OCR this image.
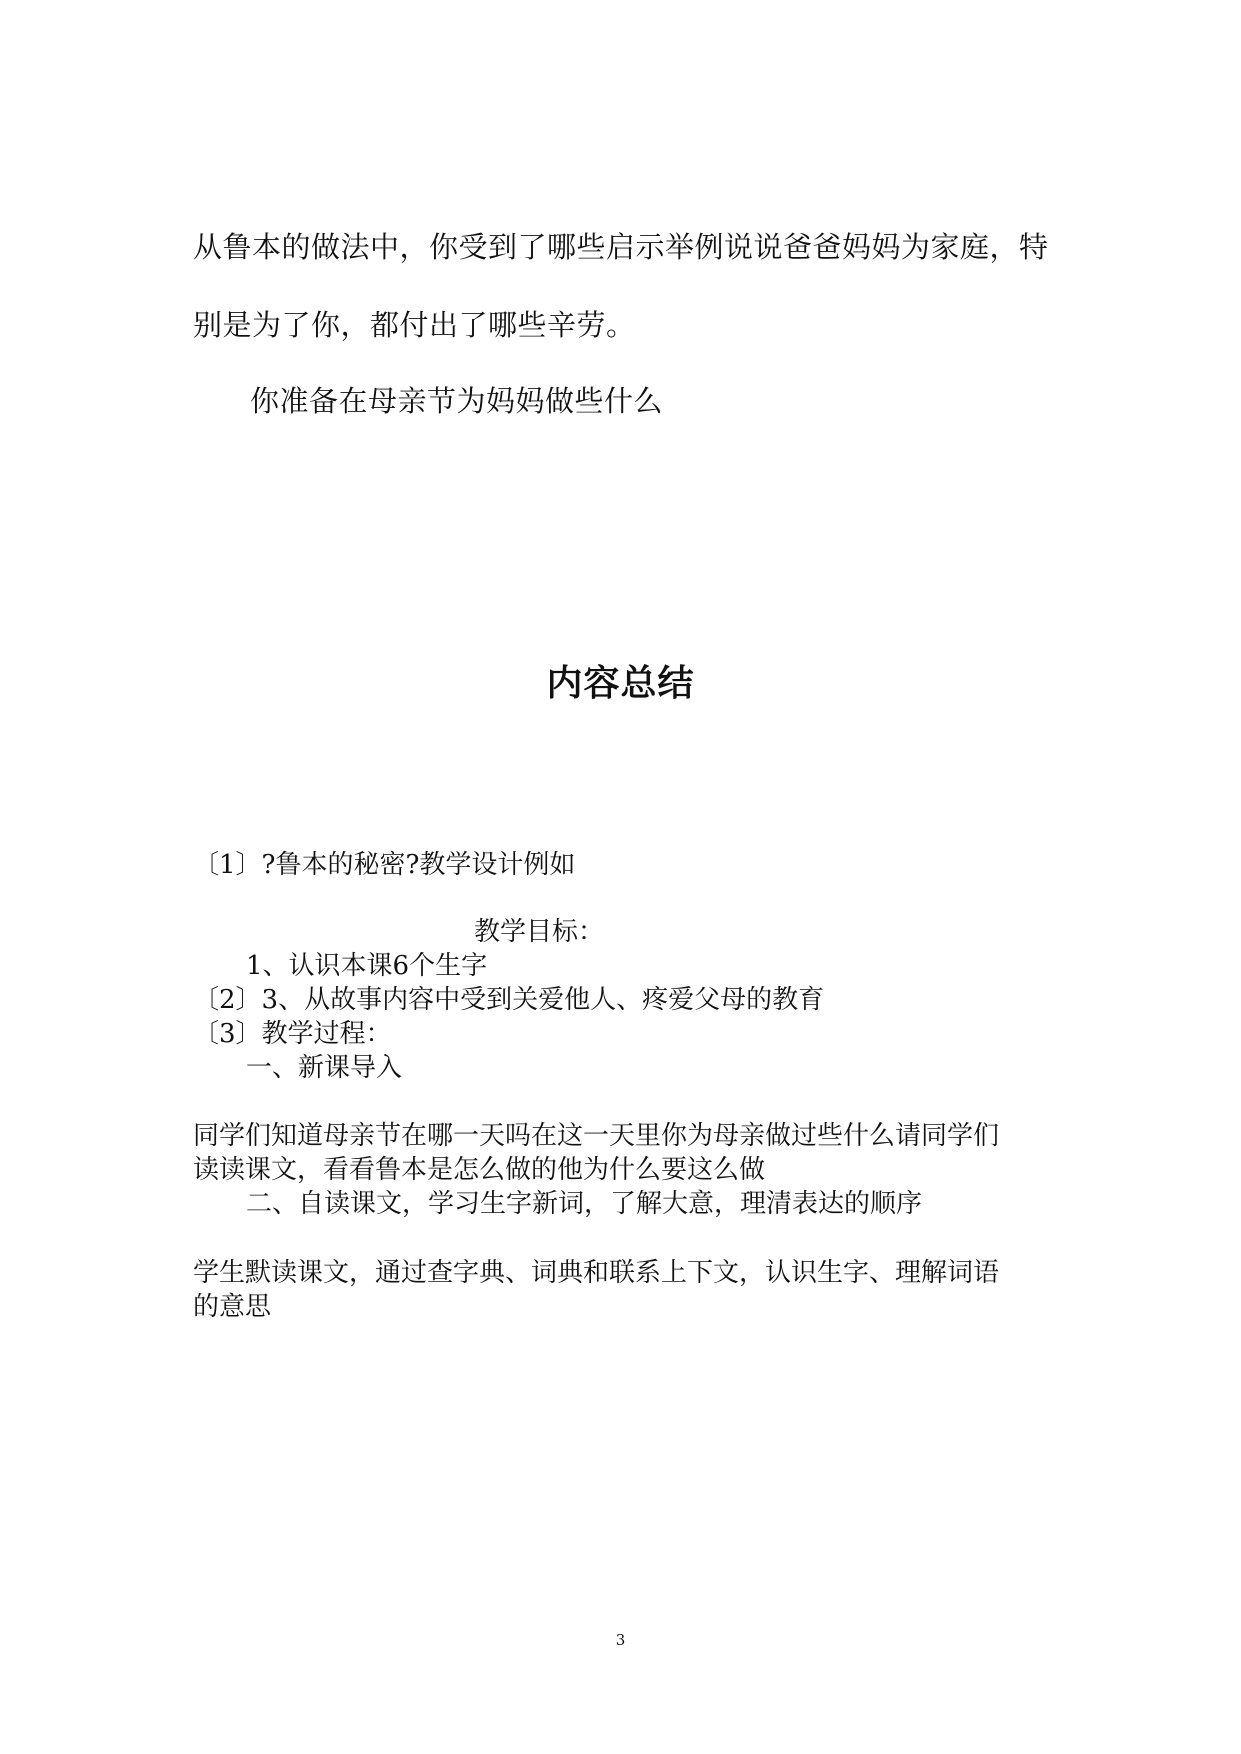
从鲁本的做法中，你受到了哪些启示举例说说爸爸妈妈为家庭，特
别是为了你，都付出了哪些辛劳。
你准备在母亲节为妈妈做些什么
内容总结
〔1〕?鲁本的秘密?教学设计例如
教学目标：
1、认识本课6个生字
〔2〕3、从故事内容中受到关爱他人、疼爱父母的教育
〔3〕教学过程：
一、新课导入
同学们知道母亲节在哪一天吗在这一天里你为母亲做过些什么请同学们
读读课文，看看鲁本是怎么做的他为什么要这么做
二、自读课文，学习生字新词，了解大意，理清表达的顺序
学生默读课文，通过查字典、词典和联系上下文，认识生字、理解词语
的意思
3
